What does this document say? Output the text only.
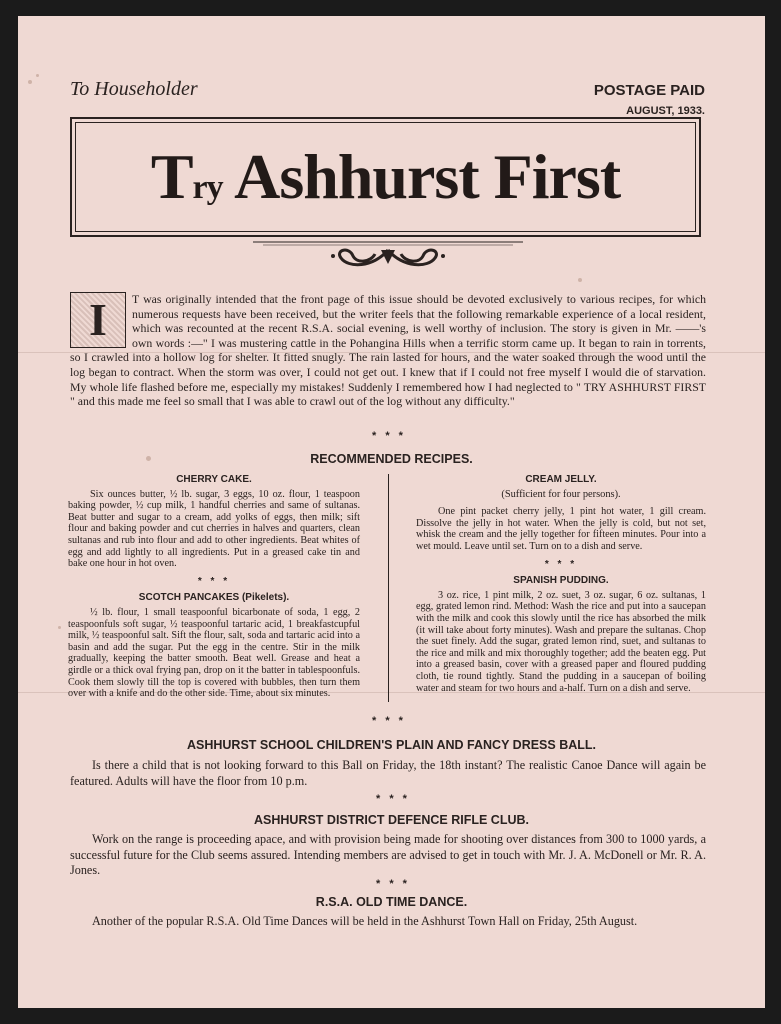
To Householder	POSTAGE PAID
AUGUST, 1933.
Try Ashhurst First
I	T was originally intended that the front page of this issue should be devoted exclusively to various recipes, for which numerous requests have been received, but the writer feels that the following remarkable experience of a local resident, which was recounted at the recent R.S.A. social evening, is well worthy of inclusion. The story is given in Mr. ——'s own words :—" I was mustering cattle in the Pohangina Hills when a terrific storm came up. It began to rain in torrents, so I crawled into a hollow log for shelter. It fitted snugly. The rain lasted for hours, and the water soaked through the wood until the log began to contract. When the storm was over, I could not get out. I knew that if I could not free myself I would die of starvation. My whole life flashed before me, especially my mistakes! Suddenly I remembered how I had neglected to " TRY ASHHURST FIRST " and this made me feel so small that I was able to crawl out of the log without any difficulty."
* * *
RECOMMENDED RECIPES.
CHERRY CAKE.

Six ounces butter, ½ lb. sugar, 3 eggs, 10 oz. flour, 1 teaspoon baking powder, ½ cup milk, 1 handful cherries and same of sultanas. Beat butter and sugar to a cream, add yolks of eggs, then milk; sift flour and baking powder and cut cherries in halves and quarters, clean sultanas and rub into flour and add to other ingredients. Beat whites of egg and add lightly to all ingredients. Put in a greased cake tin and bake one hour in hot oven.

* * *
SCOTCH PANCAKES (Pikelets).

½ lb. flour, 1 small teaspoonful bicarbonate of soda, 1 egg, 2 teaspoonfuls soft sugar, ½ teaspoonful tartaric acid, 1 breakfastcupful milk, ½ teaspoonful salt. Sift the flour, salt, soda and tartaric acid into a basin and add the sugar. Put the egg in the centre. Stir in the milk gradually, keeping the batter smooth. Beat well. Grease and heat a girdle or a thick oval frying pan, drop on it the batter in tablespoonfuls. Cook them slowly till the top is covered with bubbles, then turn them over with a knife and do the other side. Time, about six minutes.

CREAM JELLY.
(Sufficient for four persons).

One pint packet cherry jelly, 1 pint hot water, 1 gill cream. Dissolve the jelly in hot water. When the jelly is cold, but not set, whisk the cream and the jelly together for fifteen minutes. Pour into a wet mould. Leave until set. Turn on to a dish and serve.

* * *
SPANISH PUDDING.

3 oz. rice, 1 pint milk, 2 oz. suet, 3 oz. sugar, 6 oz. sultanas, 1 egg, grated lemon rind. Method: Wash the rice and put into a saucepan with the milk and cook this slowly until the rice has absorbed the milk (it will take about forty minutes). Wash and prepare the sultanas. Chop the suet finely. Add the sugar, grated lemon rind, suet, and sultanas to the rice and milk and mix thoroughly together; add the beaten egg. Put into a greased basin, cover with a greased paper and floured pudding cloth, tie round tightly. Stand the pudding in a saucepan of boiling water and steam for two hours and a-half. Turn on a dish and serve.

* * *
ASHHURST SCHOOL CHILDREN'S PLAIN AND FANCY DRESS BALL.

Is there a child that is not looking forward to this Ball on Friday, the 18th instant? The realistic Canoe Dance will again be featured. Adults will have the floor from 10 p.m.

* * *
ASHHURST DISTRICT DEFENCE RIFLE CLUB.

Work on the range is proceeding apace, and with provision being made for shooting over distances from 300 to 1000 yards, a successful future for the Club seems assured. Intending members are advised to get in touch with Mr. J. A. McDonell or Mr. R. A. Jones.

* * *
R.S.A. OLD TIME DANCE.

Another of the popular R.S.A. Old Time Dances will be held in the Ashhurst Town Hall on Friday, 25th August.
